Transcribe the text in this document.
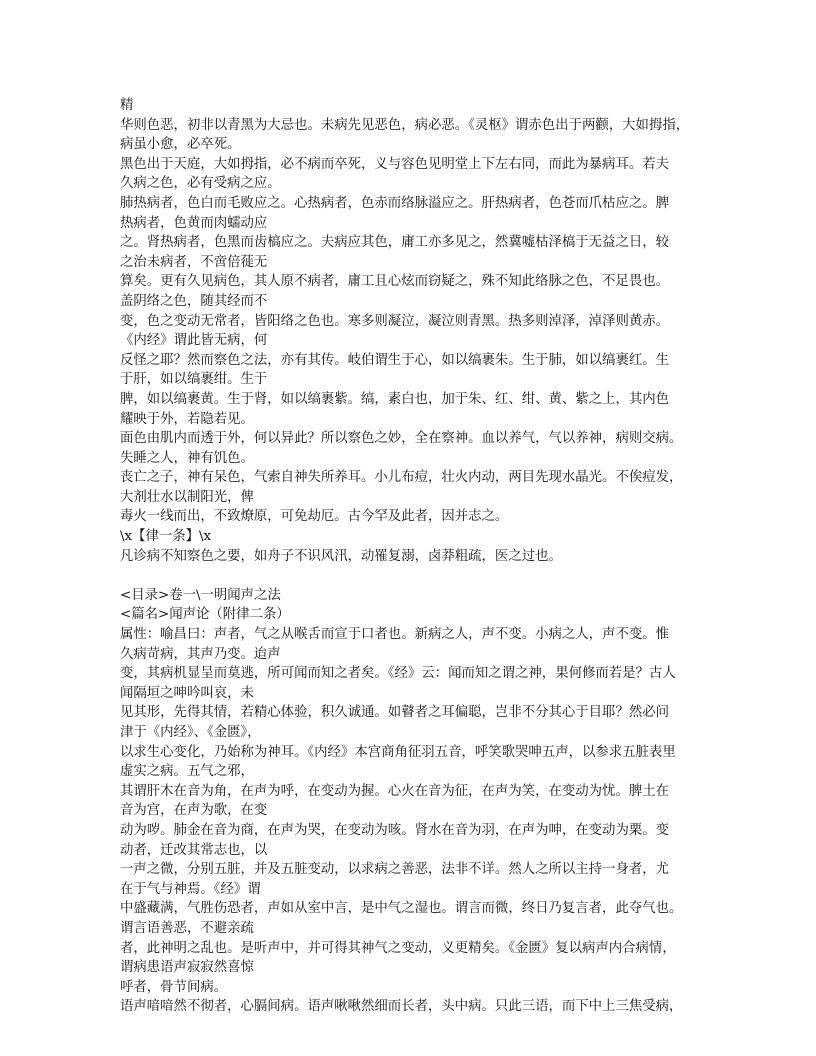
精
华则色恶，初非以青黑为大忌也。未病先见恶色，病必恶。《灵枢》谓赤色出于两颧，大如拇指，
病虽小愈，必卒死。
黑色出于天庭，大如拇指，必不病而卒死，义与容色见明堂上下左右同，而此为暴病耳。若夫
久病之色，必有受病之应。
肺热病者，色白而毛败应之。心热病者，色赤而络脉溢应之。肝热病者，色苍而爪枯应之。脾
热病者，色黄而肉蠕动应
之。肾热病者，色黑而齿槁应之。夫病应其色，庸工亦多见之，然冀嘘枯泽槁于无益之日，较
之治未病者，不啻倍蓰无
算矣。更有久见病色，其人原不病者，庸工且心炫而窃疑之，殊不知此络脉之色，不足畏也。
盖阴络之色，随其经而不
变，色之变动无常者，皆阳络之色也。寒多则凝泣，凝泣则青黑。热多则淖泽，淖泽则黄赤。
《内经》谓此皆无病，何
反怪之耶？然而察色之法，亦有其传。岐伯谓生于心，如以缟裹朱。生于肺，如以缟裹红。生
于肝，如以缟裹绀。生于
脾，如以缟裹黄。生于肾，如以缟裹紫。缟，素白也，加于朱、红、绀、黄、紫之上，其内色
耀映于外，若隐若见。
面色由肌内而透于外，何以异此？所以察色之妙，全在察神。血以养气，气以养神，病则交病。
失睡之人，神有饥色。
丧亡之子，神有呆色，气索自神失所养耳。小儿布痘，壮火内动，两目先现水晶光。不俟痘发，
大剂壮水以制阳光，俾
毒火一线而出，不致燎原，可免劫厄。古今罕及此者，因并志之。
\x【律一条】\x
凡诊病不知察色之要，如舟子不识风汛，动罹复溺，卤莽粗疏，医之过也。
<目录>卷一\一明闻声之法
<篇名>闻声论（附律二条）
属性：喻昌曰：声者，气之从喉舌而宣于口者也。新病之人，声不变。小病之人，声不变。惟
久病苛病，其声乃变。迨声
变，其病机显呈而莫逃，所可闻而知之者矣。《经》云：闻而知之谓之神，果何修而若是？古人
闻隔垣之呻吟叫哀，未
见其形，先得其情，若精心体验，积久诚通。如瞽者之耳偏聪，岂非不分其心于目耶？然必问
津于《内经》、《金匮》，
以求生心变化，乃始称为神耳。《内经》本宫商角征羽五音，呼笑歌哭呻五声，以参求五脏表里
虚实之病。五气之邪，
其谓肝木在音为角，在声为呼，在变动为握。心火在音为征，在声为笑，在变动为忧。脾土在
音为宫，在声为歌，在变
动为哕。肺金在音为商，在声为哭，在变动为咳。肾水在音为羽，在声为呻，在变动为栗。变
动者，迁改其常志也，以
一声之微，分别五脏，并及五脏变动，以求病之善恶，法非不详。然人之所以主持一身者，尤
在于气与神焉。《经》谓
中盛藏满，气胜伤恐者，声如从室中言，是中气之湿也。谓言而微，终日乃复言者，此夺气也。
谓言语善恶，不避亲疏
者，此神明之乱也。是听声中，并可得其神气之变动，义更精矣。《金匮》复以病声内合病情，
谓病患语声寂寂然喜惊
呼者，骨节间病。
语声喑喑然不彻者，心膈间病。语声啾啾然细而长者，头中病。只此三语，而下中上三焦受病，
